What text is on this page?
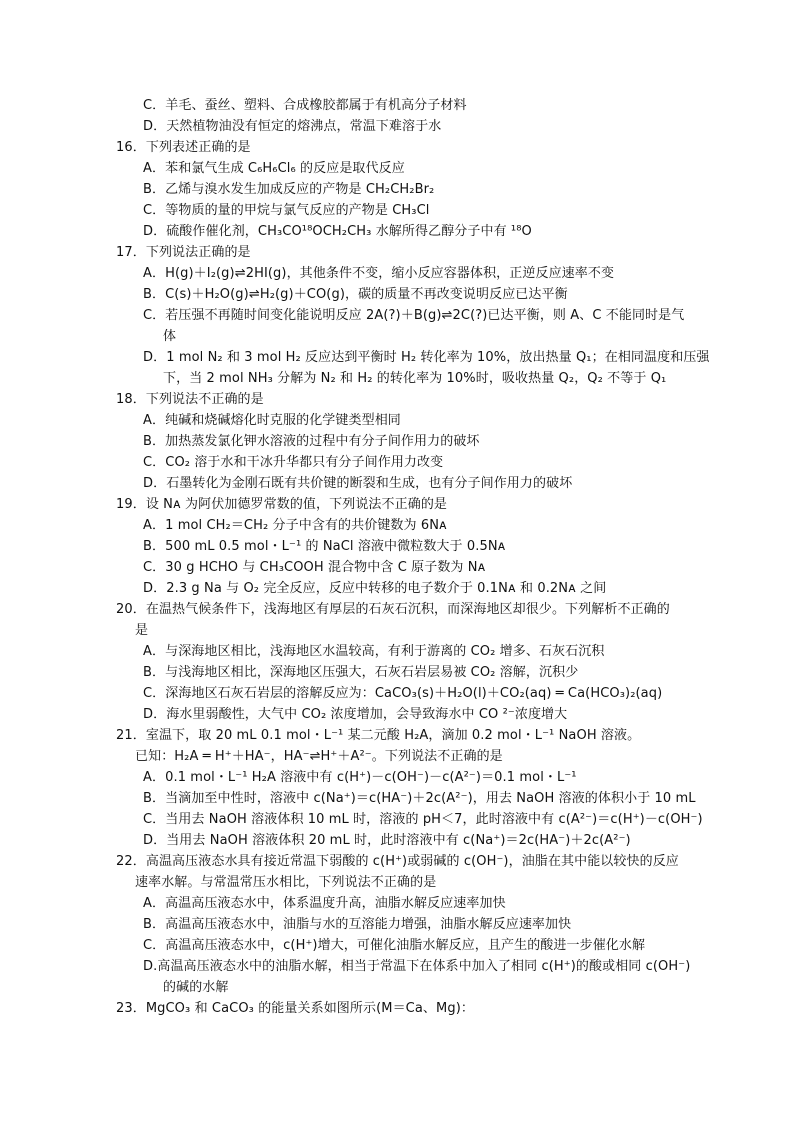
C．羊毛、蚕丝、塑料、合成橡胶都属于有机高分子材料
D．天然植物油没有恒定的熔沸点，常温下难溶于水
16．下列表述正确的是
A．苯和氯气生成 C₆H₆Cl₆ 的反应是取代反应
B．乙烯与溴水发生加成反应的产物是 CH₂CH₂Br₂
C．等物质的量的甲烷与氯气反应的产物是 CH₃Cl
D．硫酸作催化剂，CH₃CO¹⁸OCH₂CH₃ 水解所得乙醇分子中有 ¹⁸O
17．下列说法正确的是
A．H(g)＋I₂(g)⇌2HI(g)，其他条件不变，缩小反应容器体积，正逆反应速率不变
B．C(s)＋H₂O(g)⇌H₂(g)＋CO(g)，碳的质量不再改变说明反应已达平衡
C．若压强不再随时间变化能说明反应 2A(?)＋B(g)⇌2C(?)已达平衡，则 A、C 不能同时是气
体
D．1 mol N₂ 和 3 mol H₂ 反应达到平衡时 H₂ 转化率为 10%，放出热量 Q₁；在相同温度和压强
下，当 2 mol NH₃ 分解为 N₂ 和 H₂ 的转化率为 10%时，吸收热量 Q₂，Q₂ 不等于 Q₁
18．下列说法不正确的是
A．纯碱和烧碱熔化时克服的化学键类型相同
B．加热蒸发氯化钾水溶液的过程中有分子间作用力的破坏
C．CO₂ 溶于水和干冰升华都只有分子间作用力改变
D．石墨转化为金刚石既有共价键的断裂和生成，也有分子间作用力的破坏
19．设 Nᴀ 为阿伏加德罗常数的值，下列说法不正确的是
A．1 mol CH₂＝CH₂ 分子中含有的共价键数为 6Nᴀ
B．500 mL 0.5 mol・L⁻¹ 的 NaCl 溶液中微粒数大于 0.5Nᴀ
C．30 g HCHO 与 CH₃COOH 混合物中含 C 原子数为 Nᴀ
D．2.3 g Na 与 O₂ 完全反应，反应中转移的电子数介于 0.1Nᴀ 和 0.2Nᴀ 之间
20．在温热气候条件下，浅海地区有厚层的石灰石沉积，而深海地区却很少。下列解析不正确的
是
A．与深海地区相比，浅海地区水温较高，有利于游离的 CO₂ 增多、石灰石沉积
B．与浅海地区相比，深海地区压强大，石灰石岩层易被 CO₂ 溶解，沉积少
C．深海地区石灰石岩层的溶解反应为：CaCO₃(s)＋H₂O(l)＋CO₂(aq) ═ Ca(HCO₃)₂(aq)
D．海水里弱酸性，大气中 CO₂ 浓度增加，会导致海水中 CO ²⁻浓度增大
21．室温下，取 20 mL 0.1 mol・L⁻¹ 某二元酸 H₂A，滴加 0.2 mol・L⁻¹ NaOH 溶液。
已知：H₂A ═ H⁺＋HA⁻，HA⁻⇌H⁺＋A²⁻。下列说法不正确的是
A．0.1 mol・L⁻¹ H₂A 溶液中有 c(H⁺)－c(OH⁻)－c(A²⁻)＝0.1 mol・L⁻¹
B．当滴加至中性时，溶液中 c(Na⁺)＝c(HA⁻)＋2c(A²⁻)，用去 NaOH 溶液的体积小于 10 mL
C．当用去 NaOH 溶液体积 10 mL 时，溶液的 pH＜7，此时溶液中有 c(A²⁻)＝c(H⁺)－c(OH⁻)
D．当用去 NaOH 溶液体积 20 mL 时，此时溶液中有 c(Na⁺)＝2c(HA⁻)＋2c(A²⁻)
22．高温高压液态水具有接近常温下弱酸的 c(H⁺)或弱碱的 c(OH⁻)，油脂在其中能以较快的反应
速率水解。与常温常压水相比，下列说法不正确的是
A．高温高压液态水中，体系温度升高，油脂水解反应速率加快
B．高温高压液态水中，油脂与水的互溶能力增强，油脂水解反应速率加快
C．高温高压液态水中，c(H⁺)增大，可催化油脂水解反应，且产生的酸进一步催化水解
D.高温高压液态水中的油脂水解，相当于常温下在体系中加入了相同 c(H⁺)的酸或相同 c(OH⁻)
的碱的水解
23．MgCO₃ 和 CaCO₃ 的能量关系如图所示(M＝Ca、Mg)：
